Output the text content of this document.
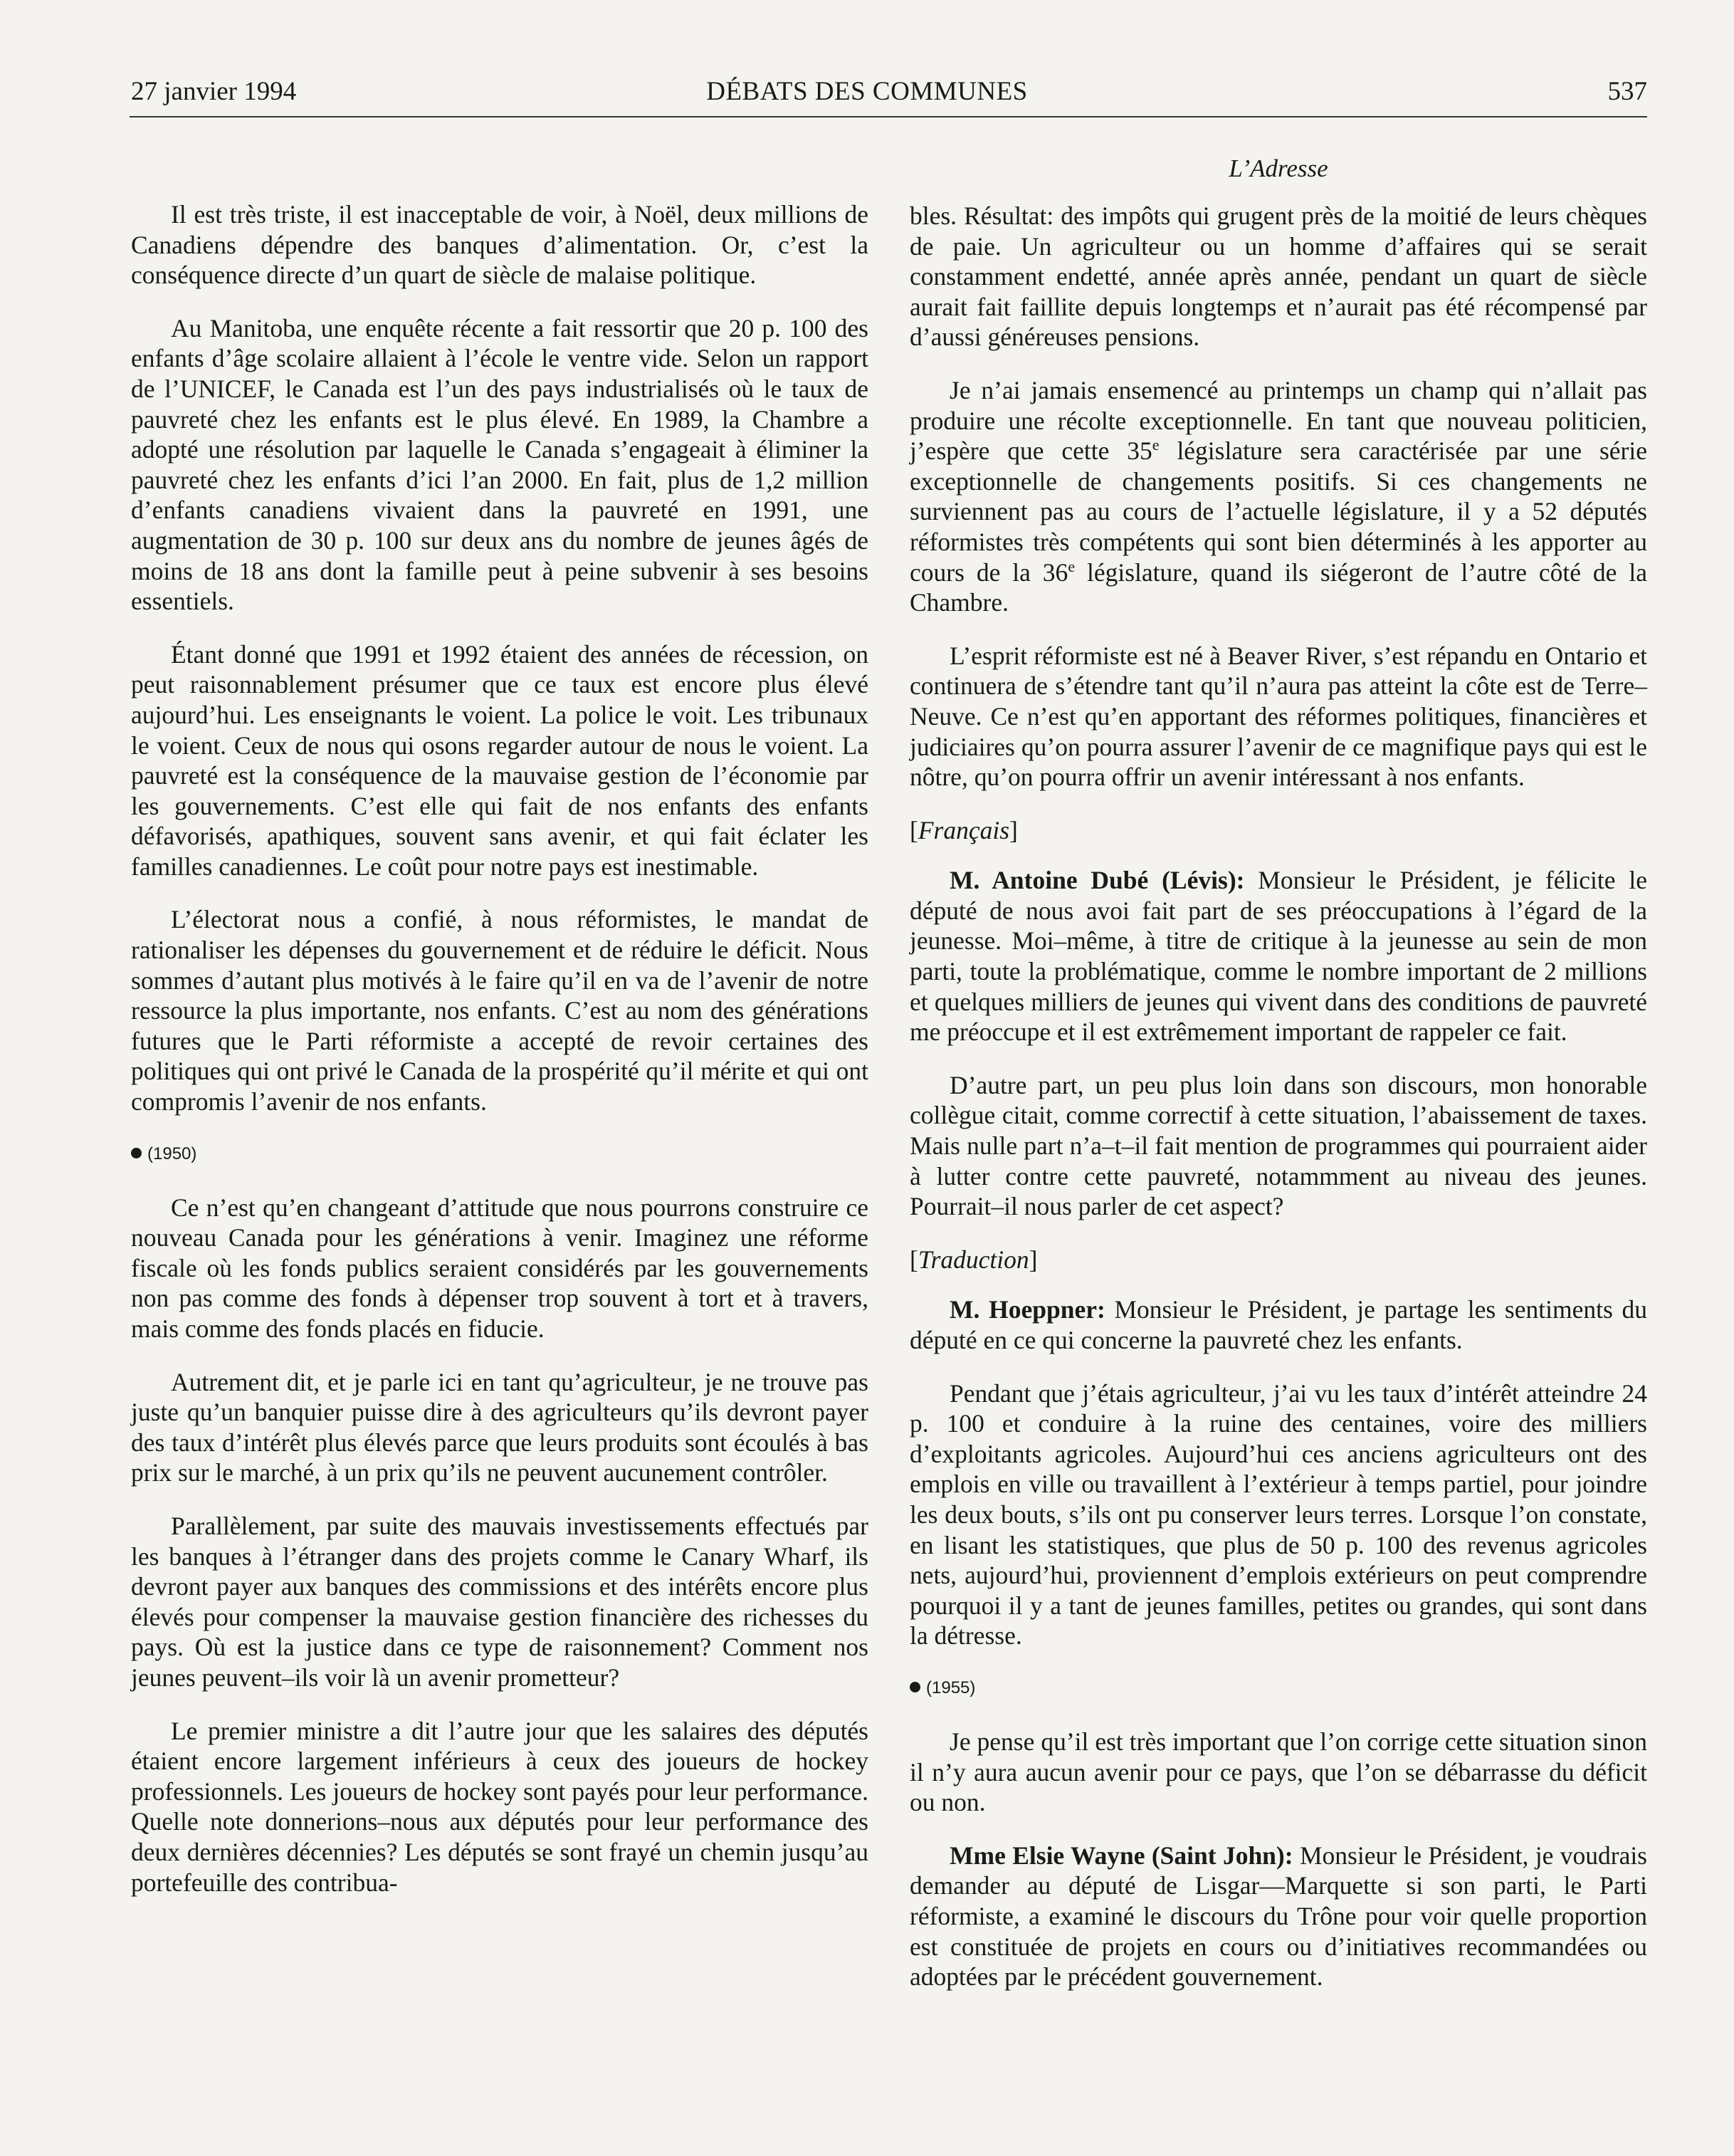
27 janvier 1994	DÉBATS DES COMMUNES	537
L’Adresse

Il est très triste, il est inacceptable de voir, à Noël, deux millions de Canadiens dépendre des banques d’alimentation. Or, c’est la conséquence directe d’un quart de siècle de malaise politique.

Au Manitoba, une enquête récente a fait ressortir que 20 p. 100 des enfants d’âge scolaire allaient à l’école le ventre vide. Selon un rapport de l’UNICEF, le Canada est l’un des pays industrialisés où le taux de pauvreté chez les enfants est le plus élevé. En 1989, la Chambre a adopté une résolution par laquelle le Canada s’engageait à éliminer la pauvreté chez les enfants d’ici l’an 2000. En fait, plus de 1,2 million d’enfants canadiens vivaient dans la pauvreté en 1991, une augmentation de 30 p. 100 sur deux ans du nombre de jeunes âgés de moins de 18 ans dont la famille peut à peine subvenir à ses besoins essentiels.

Étant donné que 1991 et 1992 étaient des années de récession, on peut raisonnablement présumer que ce taux est encore plus élevé aujourd’hui. Les enseignants le voient. La police le voit. Les tribunaux le voient. Ceux de nous qui osons regarder autour de nous le voient. La pauvreté est la conséquence de la mauvaise gestion de l’économie par les gouvernements. C’est elle qui fait de nos enfants des enfants défavorisés, apathiques, souvent sans avenir, et qui fait éclater les familles canadiennes. Le coût pour notre pays est inestimable.

L’électorat nous a confié, à nous réformistes, le mandat de rationaliser les dépenses du gouvernement et de réduire le déficit. Nous sommes d’autant plus motivés à le faire qu’il en va de l’avenir de notre ressource la plus importante, nos enfants. C’est au nom des générations futures que le Parti réformiste a accepté de revoir certaines des politiques qui ont privé le Canada de la prospérité qu’il mérite et qui ont compromis l’avenir de nos enfants.

(1950)

Ce n’est qu’en changeant d’attitude que nous pourrons construire ce nouveau Canada pour les générations à venir. Imaginez une réforme fiscale où les fonds publics seraient considérés par les gouvernements non pas comme des fonds à dépenser trop souvent à tort et à travers, mais comme des fonds placés en fiducie.

Autrement dit, et je parle ici en tant qu’agriculteur, je ne trouve pas juste qu’un banquier puisse dire à des agriculteurs qu’ils devront payer des taux d’intérêt plus élevés parce que leurs produits sont écoulés à bas prix sur le marché, à un prix qu’ils ne peuvent aucunement contrôler.

Parallèlement, par suite des mauvais investissements effectués par les banques à l’étranger dans des projets comme le Canary Wharf, ils devront payer aux banques des commissions et des intérêts encore plus élevés pour compenser la mauvaise gestion financière des richesses du pays. Où est la justice dans ce type de raisonnement? Comment nos jeunes peuvent–ils voir là un avenir prometteur?

Le premier ministre a dit l’autre jour que les salaires des députés étaient encore largement inférieurs à ceux des joueurs de hockey professionnels. Les joueurs de hockey sont payés pour leur performance. Quelle note donnerions–nous aux députés pour leur performance des deux dernières décennies? Les députés se sont frayé un chemin jusqu’au portefeuille des contribua-

bles. Résultat: des impôts qui grugent près de la moitié de leurs chèques de paie. Un agriculteur ou un homme d’affaires qui se serait constamment endetté, année après année, pendant un quart de siècle aurait fait faillite depuis longtemps et n’aurait pas été récompensé par d’aussi généreuses pensions.

Je n’ai jamais ensemencé au printemps un champ qui n’allait pas produire une récolte exceptionnelle. En tant que nouveau politicien, j’espère que cette 35e législature sera caractérisée par une série exceptionnelle de changements positifs. Si ces changements ne surviennent pas au cours de l’actuelle législature, il y a 52 députés réformistes très compétents qui sont bien déterminés à les apporter au cours de la 36e législature, quand ils siégeront de l’autre côté de la Chambre.

L’esprit réformiste est né à Beaver River, s’est répandu en Ontario et continuera de s’étendre tant qu’il n’aura pas atteint la côte est de Terre–Neuve. Ce n’est qu’en apportant des réformes politiques, financières et judiciaires qu’on pourra assurer l’avenir de ce magnifique pays qui est le nôtre, qu’on pourra offrir un avenir intéressant à nos enfants.

[Français]

M. Antoine Dubé (Lévis): Monsieur le Président, je félicite le député de nous avoi fait part de ses préoccupations à l’égard de la jeunesse. Moi–même, à titre de critique à la jeunesse au sein de mon parti, toute la problématique, comme le nombre important de 2 millions et quelques milliers de jeunes qui vivent dans des conditions de pauvreté me préoccupe et il est extrêmement important de rappeler ce fait.

D’autre part, un peu plus loin dans son discours, mon honorable collègue citait, comme correctif à cette situation, l’abaissement de taxes. Mais nulle part n’a–t–il fait mention de programmes qui pourraient aider à lutter contre cette pauvreté, notammment au niveau des jeunes. Pourrait–il nous parler de cet aspect?

[Traduction]

M. Hoeppner: Monsieur le Président, je partage les sentiments du député en ce qui concerne la pauvreté chez les enfants.

Pendant que j’étais agriculteur, j’ai vu les taux d’intérêt atteindre 24 p. 100 et conduire à la ruine des centaines, voire des milliers d’exploitants agricoles. Aujourd’hui ces anciens agriculteurs ont des emplois en ville ou travaillent à l’extérieur à temps partiel, pour joindre les deux bouts, s’ils ont pu conserver leurs terres. Lorsque l’on constate, en lisant les statistiques, que plus de 50 p. 100 des revenus agricoles nets, aujourd’hui, proviennent d’emplois extérieurs on peut comprendre pourquoi il y a tant de jeunes familles, petites ou grandes, qui sont dans la détresse.

(1955)

Je pense qu’il est très important que l’on corrige cette situation sinon il n’y aura aucun avenir pour ce pays, que l’on se débarrasse du déficit ou non.

Mme Elsie Wayne (Saint John): Monsieur le Président, je voudrais demander au député de Lisgar—Marquette si son parti, le Parti réformiste, a examiné le discours du Trône pour voir quelle proportion est constituée de projets en cours ou d’initiatives recommandées ou adoptées par le précédent gouvernement.
